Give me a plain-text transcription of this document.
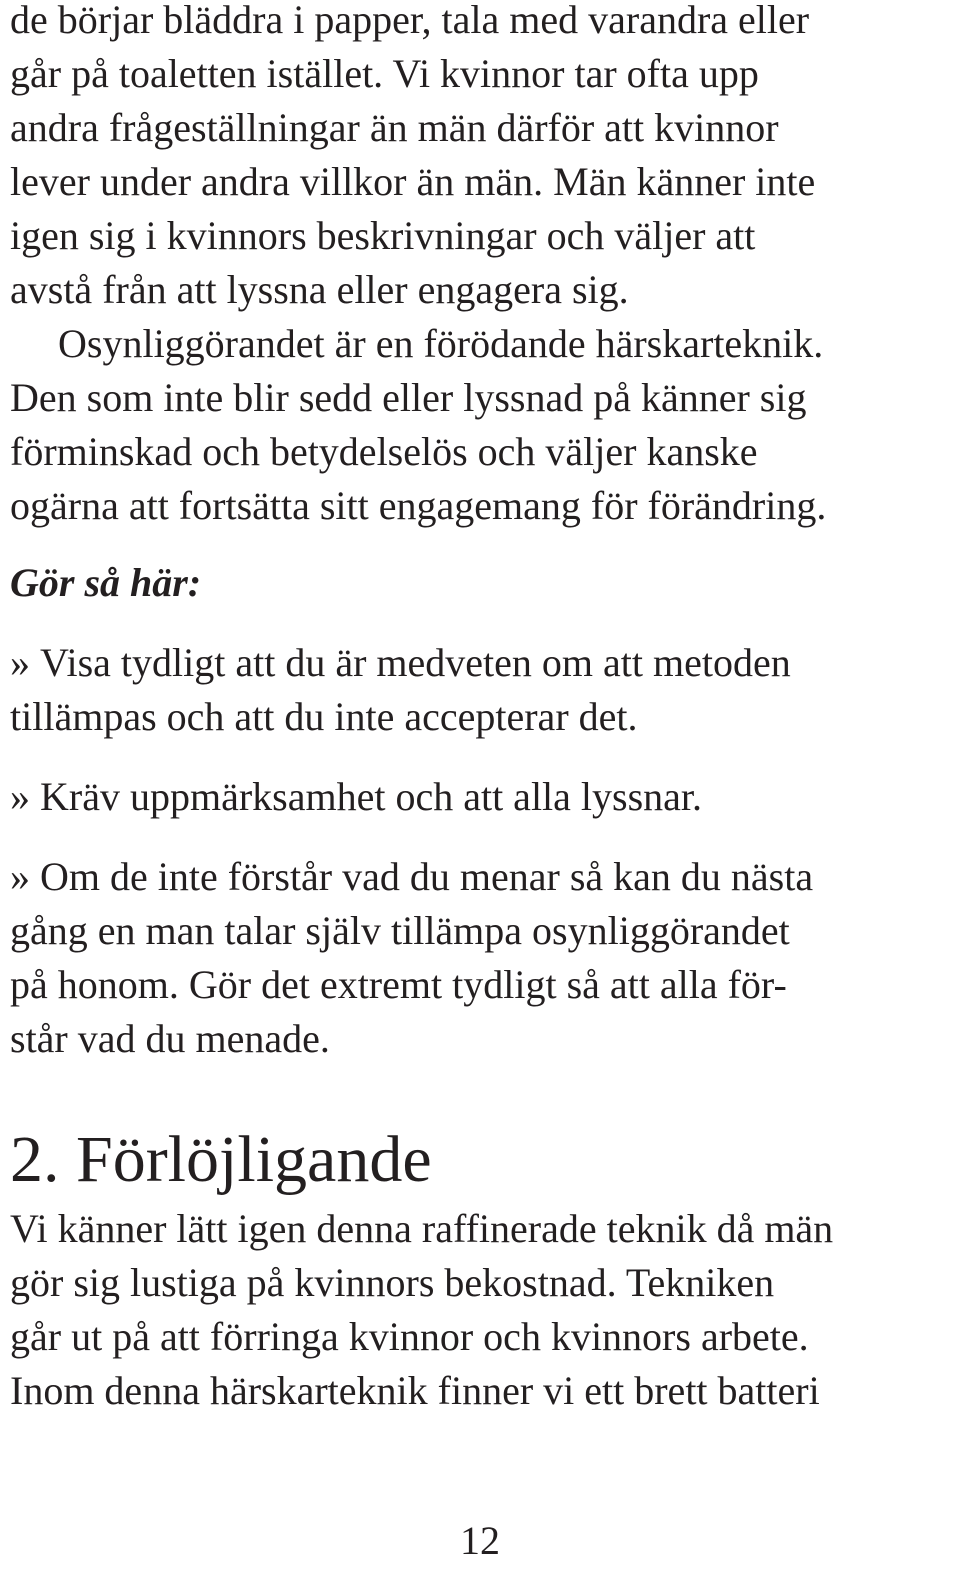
de börjar bläddra i papper, tala med varandra eller
går på toaletten istället. Vi kvinnor tar ofta upp
andra frågeställningar än män därför att kvinnor
lever under andra villkor än män. Män känner inte
igen sig i kvinnors beskrivningar och väljer att
avstå från att lyssna eller engagera sig.
Osynliggörandet är en förödande härskarteknik.
Den som inte blir sedd eller lyssnad på känner sig
förminskad och betydelselös och väljer kanske
ogärna att fortsätta sitt engagemang för förändring.
Gör så här:
» Visa tydligt att du är medveten om att metoden
tillämpas och att du inte accepterar det.
» Kräv uppmärksamhet och att alla lyssnar.
» Om de inte förstår vad du menar så kan du nästa
gång en man talar själv tillämpa osynliggörandet
på honom. Gör det extremt tydligt så att alla för-
står vad du menade.
2. Förlöjligande
Vi känner lätt igen denna raffinerade teknik då män
gör sig lustiga på kvinnors bekostnad. Tekniken
går ut på att förringa kvinnor och kvinnors arbete.
Inom denna härskarteknik finner vi ett brett batteri
12
